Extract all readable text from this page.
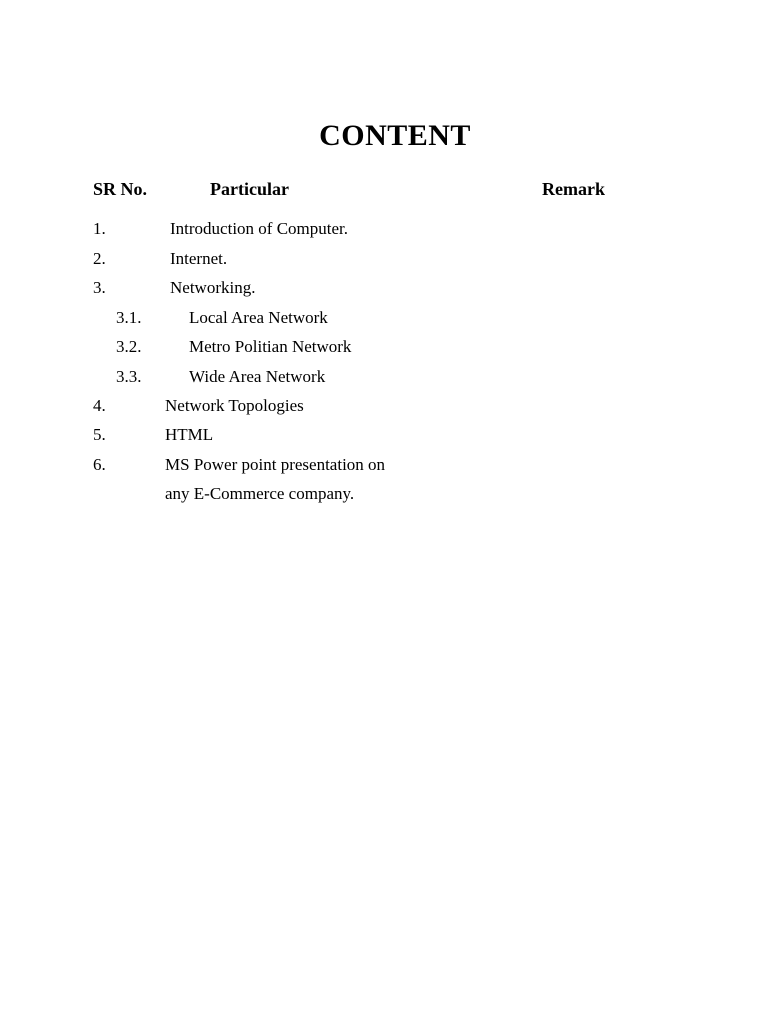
CONTENT
SR No.	Particular	Remark
1.	Introduction of Computer.
2.	Internet.
3.	Networking.
3.1.	Local Area Network
3.2.	Metro Politian Network
3.3.	Wide Area Network
4.	Network Topologies
5.	HTML
6.	MS Power point presentation on
any E-Commerce company.
